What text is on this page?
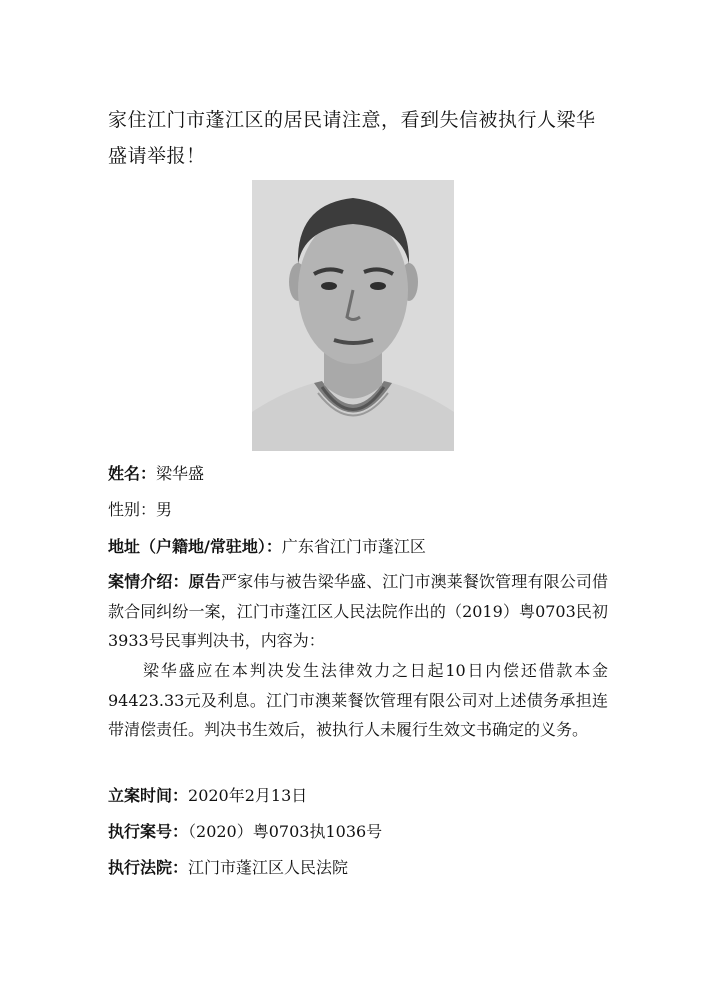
家住江门市蓬江区的居民请注意，看到失信被执行人梁华盛请举报！

姓名：梁华盛

性别：男

地址（户籍地/常驻地）：广东省江门市蓬江区

案情介绍：原告严家伟与被告梁华盛、江门市澳莱餐饮管理有限公司借款合同纠纷一案，江门市蓬江区人民法院作出的（2019）粤0703民初3933号民事判决书，内容为：

梁华盛应在本判决发生法律效力之日起10日内偿还借款本金94423.33元及利息。江门市澳莱餐饮管理有限公司对上述债务承担连带清偿责任。判决书生效后，被执行人未履行生效文书确定的义务。

立案时间：2020年2月13日

执行案号：（2020）粤0703执1036号

执行法院：江门市蓬江区人民法院
